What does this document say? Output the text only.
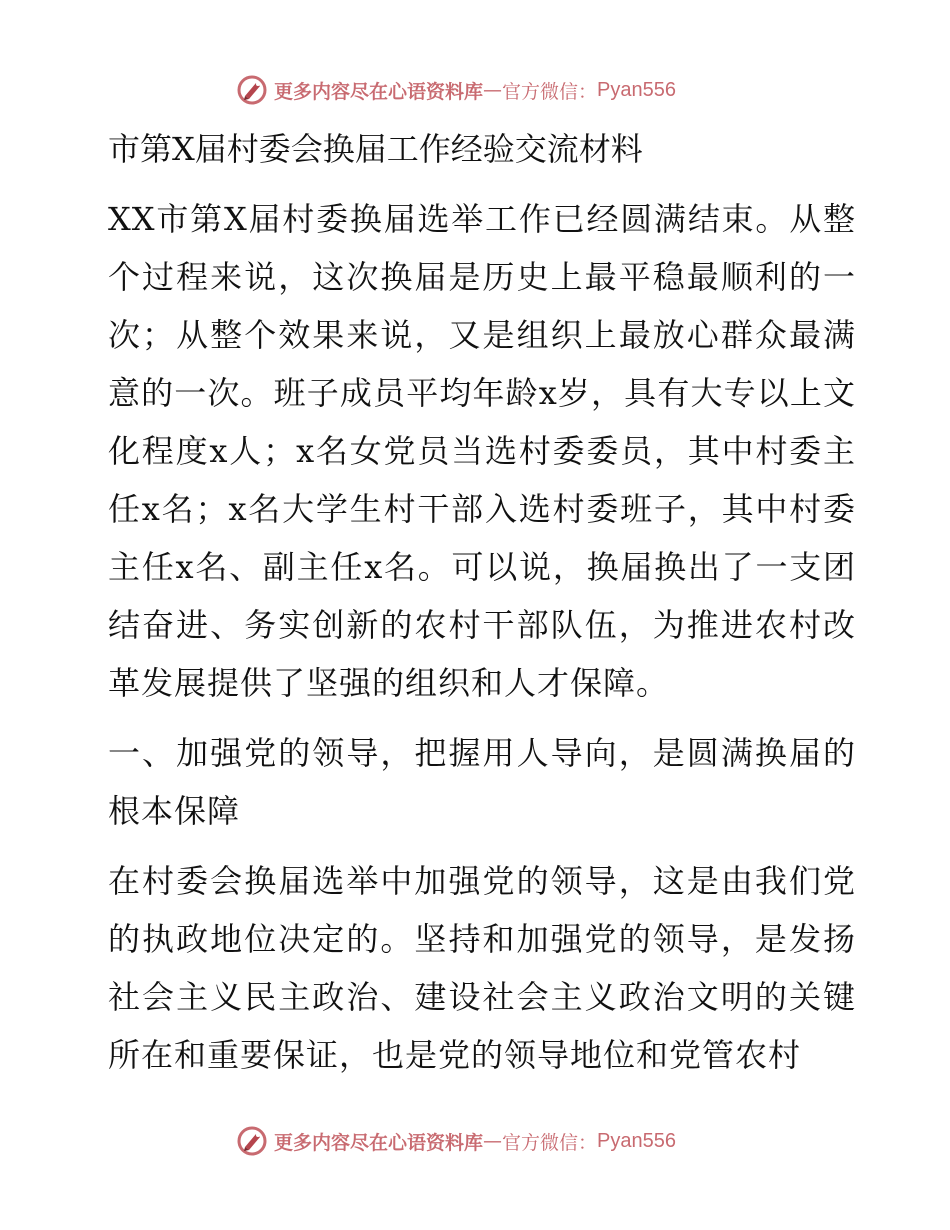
更多内容尽在心语资料库 — 官方微信： Pyan556
市第X届村委会换届工作经验交流材料

XX市第X届村委换届选举工作已经圆满结束。从整个过程来说，这次换届是历史上最平稳最顺利的一次；从整个效果来说，又是组织上最放心群众最满意的一次。班子成员平均年龄x岁，具有大专以上文化程度x人；x名女党员当选村委委员，其中村委主任x名；x名大学生村干部入选村委班子，其中村委主任x名、副主任x名。可以说，换届换出了一支团结奋进、务实创新的农村干部队伍，为推进农村改革发展提供了坚强的组织和人才保障。

一、加强党的领导，把握用人导向，是圆满换届的根本保障

在村委会换届选举中加强党的领导，这是由我们党的执政地位决定的。坚持和加强党的领导，是发扬社会主义民主政治、建设社会主义政治文明的关键所在和重要保证，也是党的领导地位和党管农村

更多内容尽在心语资料库 — 官方微信： Pyan556
